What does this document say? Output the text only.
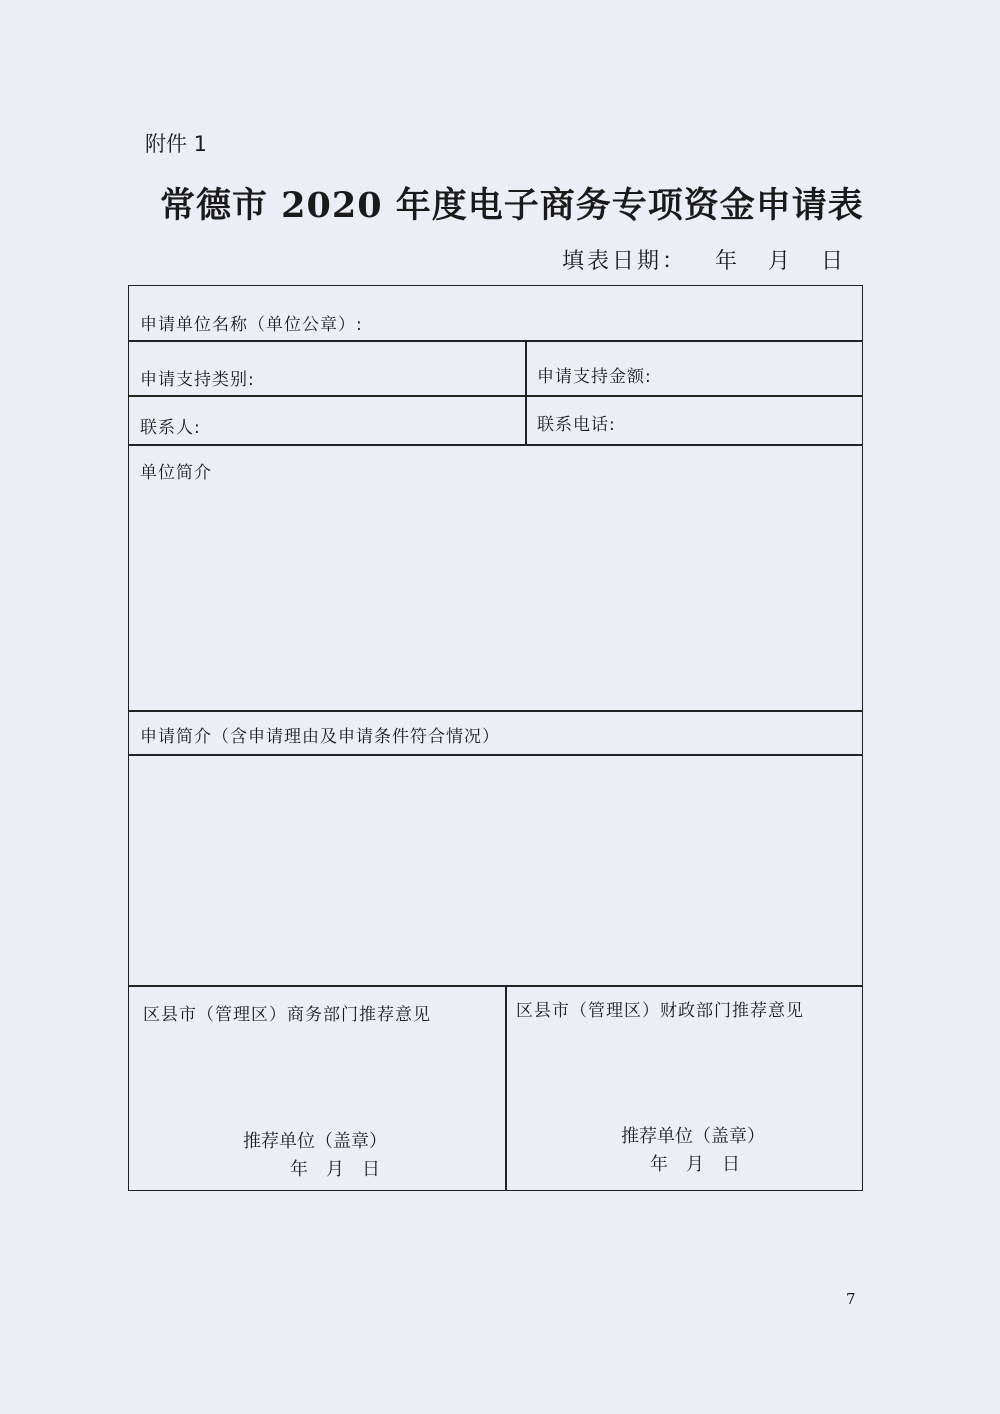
附件 1
常德市 2020 年度电子商务专项资金申请表
填表日期： 年 月 日
申请单位名称（单位公章）:
申请支持类别:	申请支持金额:
联系人:	联系电话:
单位简介
申请简介（含申请理由及申请条件符合情况）
区县市（管理区）商务部门推荐意见	区县市（管理区）财政部门推荐意见
推荐单位（盖章）
年　月　日
推荐单位（盖章）
年　月　日
7
